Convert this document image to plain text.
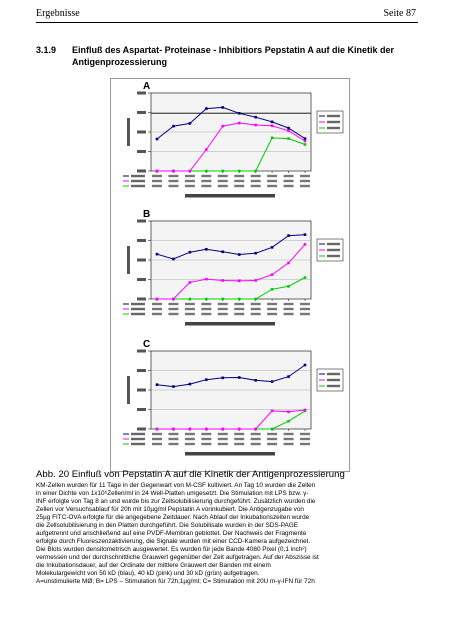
Ergebnisse	Seite 87
3.1.9 Einfluß des Aspartat- Proteinase - Inhibitiors Pepstatin A auf die Kinetik der Antigenprozessierung
A
B
C
Abb. 20 Einfluß von Pepstatin A auf die Kinetik der Antigenprozessierung
KM-Zellen wurden für 11 Tage in der Gegenwart von M-CSF kultiviert. An Tag 10 wurden die Zellen
in einer Dichte von 1x10⁶Zellen/ml in 24 Well-Platten umgesetzt. Die Stimulation mit LPS bzw. γ-
INF erfolgte von Tag 8 an und wurde bis zur Zellsolubilisierung durchgeführt. Zusätzlich wurden die
Zellen vor Versuchsablauf für 20h mit 10µg/ml Pepstatin A vorinkubiert. Die Antigenzugabe von
25µg FITC-OVA erfolgte für die angegebene Zeitdauer. Nach Ablauf der Inkubationszeiten wurde
die Zellsolubilisierung in den Platten durchgeführt. Die Solubilisate wurden in der SDS-PAGE
aufgetrennt und anschließend auf eine PVDF-Membran geblottet. Der Nachweis der Fragmente
erfolgte durch Fluoreszenzaktivierung, die Signale wurden mit einer CCD-Kamera aufgezeichnet.
Die Blots wurden densitometrisch ausgewertet. Es wurden für jede Bande 4080 Pixel (0,1 inch²)
vermessen und der durchschnittliche Grauwert gegenüber der Zeit aufgetragen. Auf der Abszisse ist
die Inkubationsdauer, auf der Ordinate der mittlere Grauwert der Banden mit einem
Molekulargewicht von 50 kD (blau), 40 kD (pink) und 30 kD (grün) aufgetragen.
A=unstimulierte MØ; B= LPS – Stimulation für 72h,1µg/ml; C= Stimulation mit 20U m-γ-IFN für 72h
